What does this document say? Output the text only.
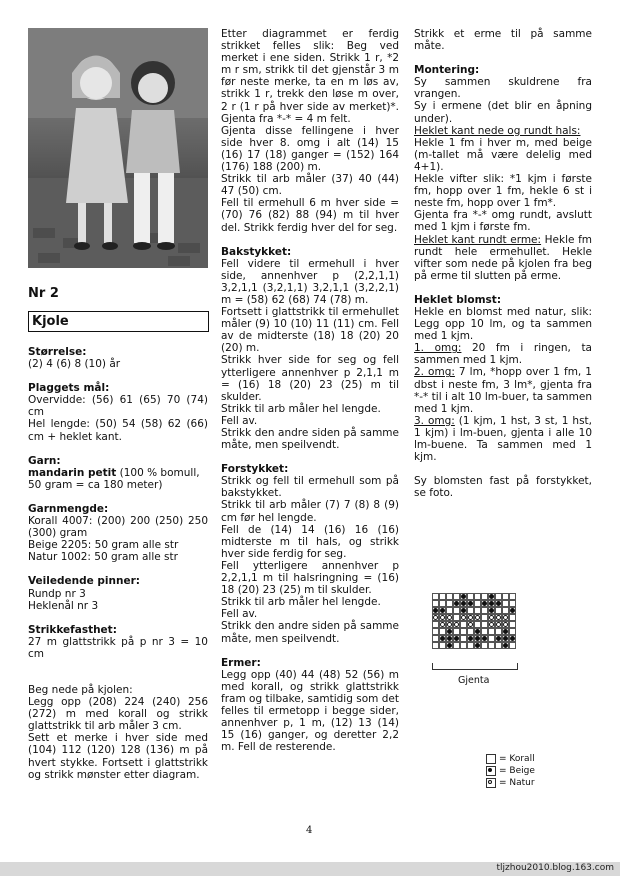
Nr 2
Kjole
Størrelse:

(2) 4 (6) 8 (10) år

Plaggets mål:

Overvidde: (56) 61 (65) 70 (74) cm

Hel lengde: (50) 54 (58) 62 (66) cm + heklet kant.

Garn:

mandarin petit (100 % bomull, 50 gram = ca 180 meter)

Garnmengde:

Korall 4007: (200) 200 (250) 250 (300) gram

Beige 2205: 50 gram alle str

Natur 1002: 50 gram alle str

Veiledende pinner:

Rundp nr 3

Heklenål nr 3

Strikkefasthet:

27 m glattstrikk på p nr 3 = 10 cm

Beg nede på kjolen:

Legg opp (208) 224 (240) 256 (272) m med korall og strikk glattstrikk til arb måler 3 cm.

Sett et merke i hver side med (104) 112 (120) 128 (136) m på hvert stykke. Fortsett i glattstrikk og strikk mønster etter diagram.

Etter diagrammet er ferdig strikket felles slik: Beg ved merket i ene siden. Strikk 1 r, *2 m r sm, strikk til det gjenstår 3 m før neste merke, ta en m løs av, strikk 1 r, trekk den løse m over, 2 r (1 r på hver side av merket)*. Gjenta fra *-* = 4 m felt.

Gjenta disse fellingene i hver side hver 8. omg i alt (14) 15 (16) 17 (18) ganger = (152) 164 (176) 188 (200) m.

Strikk til arb måler (37) 40 (44) 47 (50) cm.

Fell til ermehull 6 m hver side = (70) 76 (82) 88 (94) m til hver del. Strikk ferdig hver del for seg.

Bakstykket:

Fell videre til ermehull i hver side, annenhver p (2,2,1,1) 3,2,1,1 (3,2,1,1) 3,2,1,1 (3,2,2,1) m = (58) 62 (68) 74 (78) m.

Fortsett i glattstrikk til ermehullet måler (9) 10 (10) 11 (11) cm. Fell av de midterste (18) 18 (20) 20 (20) m.

Strikk hver side for seg og fell ytterligere annenhver p 2,1,1 m = (16) 18 (20) 23 (25) m til skulder.

Strikk til arb måler hel lengde.

Fell av.

Strikk den andre siden på samme måte, men speilvendt.

Forstykket:

Strikk og fell til ermehull som på bakstykket.

Strikk til arb måler (7) 7 (8) 8 (9) cm før hel lengde.

Fell de (14) 14 (16) 16 (16) midterste m til hals, og strikk hver side ferdig for seg.

Fell ytterligere annenhver p 2,2,1,1 m til halsringning = (16) 18 (20) 23 (25) m til skulder.

Strikk til arb måler hel lengde.

Fell av.

Strikk den andre siden på samme måte, men speilvendt.

Ermer:

Legg opp (40) 44 (48) 52 (56) m med korall, og strikk glattstrikk fram og tilbake, samtidig som det felles til ermetopp i begge sider, annenhver p, 1 m, (12) 13 (14) 15 (16) ganger, og deretter 2,2 m. Fell de resterende.

Strikk et erme til på samme måte.

Montering:

Sy sammen skuldrene fra vrangen.

Sy i ermene (det blir en åpning under).

Heklet kant nede og rundt hals:

Hekle 1 fm i hver m, med beige (m-tallet må være delelig med 4+1).

Hekle vifter slik: *1 kjm i første fm, hopp over 1 fm, hekle 6 st i neste fm, hopp over 1 fm*.

Gjenta fra *-* omg rundt, avslutt med 1 kjm i første fm.

Heklet kant rundt erme: Hekle fm rundt hele ermehullet. Hekle vifter som nede på kjolen fra beg på erme til slutten på erme.

Heklet blomst:

Hekle en blomst med natur, slik: Legg opp 10 lm, og ta sammen med 1 kjm.

1. omg: 20 fm i ringen, ta sammen med 1 kjm.

2. omg: 7 lm, *hopp over 1 fm, 1 dbst i neste fm, 3 lm*, gjenta fra *-* til i alt 10 lm-buer, ta sammen med 1 kjm.

3. omg: (1 kjm, 1 hst, 3 st, 1 hst, 1 kjm) i lm-buen, gjenta i alle 10 lm-buene. Ta sammen med 1 kjm.

Sy blomsten fast på forstykket, se foto.

Gjenta
= Korall
= Beige
= Natur
4
tljzhou2010.blog.163.com
